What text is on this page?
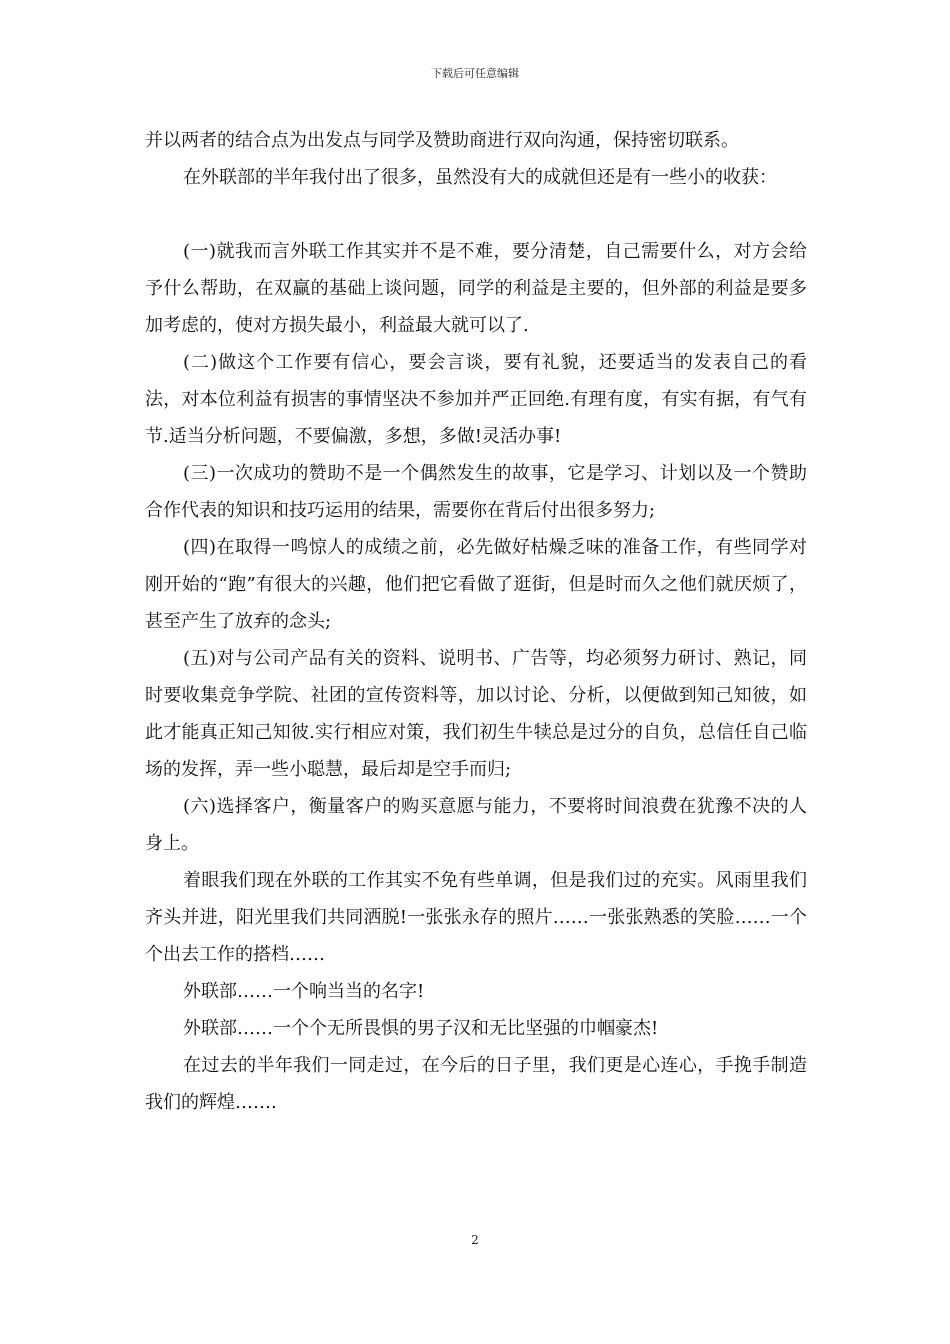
下载后可任意编辑

并以两者的结合点为出发点与同学及赞助商进行双向沟通，保持密切联系。

在外联部的半年我付出了很多，虽然没有大的成就但还是有一些小的收获：

(一)就我而言外联工作其实并不是不难，要分清楚，自己需要什么，对方会给予什么帮助，在双赢的基础上谈问题，同学的利益是主要的，但外部的利益是要多加考虑的，使对方损失最小，利益最大就可以了.

(二)做这个工作要有信心，要会言谈，要有礼貌，还要适当的发表自己的看法，对本位利益有损害的事情坚决不参加并严正回绝.有理有度，有实有据，有气有节.适当分析问题，不要偏激，多想，多做!灵活办事!

(三)一次成功的赞助不是一个偶然发生的故事，它是学习、计划以及一个赞助合作代表的知识和技巧运用的结果，需要你在背后付出很多努力;

(四)在取得一鸣惊人的成绩之前，必先做好枯燥乏味的准备工作，有些同学对刚开始的“跑”有很大的兴趣，他们把它看做了逛街，但是时而久之他们就厌烦了，甚至产生了放弃的念头;

(五)对与公司产品有关的资料、说明书、广告等，均必须努力研讨、熟记，同时要收集竞争学院、社团的宣传资料等，加以讨论、分析，以便做到知己知彼，如此才能真正知己知彼.实行相应对策，我们初生牛犊总是过分的自负，总信任自己临场的发挥，弄一些小聪慧，最后却是空手而归;

(六)选择客户，衡量客户的购买意愿与能力，不要将时间浪费在犹豫不决的人身上。

着眼我们现在外联的工作其实不免有些单调，但是我们过的充实。风雨里我们齐头并进，阳光里我们共同洒脱!一张张永存的照片……一张张熟悉的笑脸……一个个出去工作的搭档……

外联部……一个响当当的名字!

外联部……一个个无所畏惧的男子汉和无比坚强的巾帼豪杰!

在过去的半年我们一同走过，在今后的日子里，我们更是心连心，手挽手制造我们的辉煌…….

2
